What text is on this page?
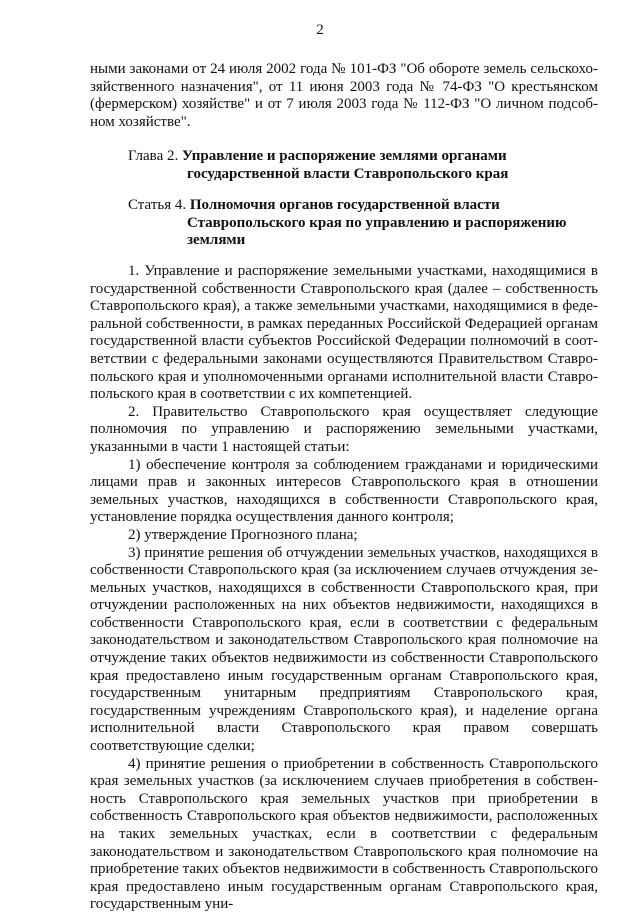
2
ными законами от 24 июля 2002 года № 101-ФЗ "Об обороте земель сельскохозяйственного назначения", от 11 июня 2003 года № 74-ФЗ "О крестьянском (фермерском) хозяйстве" и от 7 июля 2003 года № 112-ФЗ "О личном подсобном хозяйстве".
Глава 2. Управление и распоряжение землями органами
государственной власти Ставропольского края
Статья 4. Полномочия органов государственной власти
Ставропольского края по управлению и распоряжению
землями

1. Управление и распоряжение земельными участками, находящимися в государственной собственности Ставропольского края (далее – собственность Ставропольского края), а также земельными участками, находящимися в федеральной собственности, в рамках переданных Российской Федерацией органам государственной власти субъектов Российской Федерации полномочий в соответствии с федеральными законами осуществляются Правительством Ставропольского края и уполномоченными органами исполнительной власти Ставропольского края в соответствии с их компетенцией.

2. Правительство Ставропольского края осуществляет следующие полномочия по управлению и распоряжению земельными участками, указанными в части 1 настоящей статьи:

1) обеспечение контроля за соблюдением гражданами и юридическими лицами прав и законных интересов Ставропольского края в отношении земельных участков, находящихся в собственности Ставропольского края, установление порядка осуществления данного контроля;

2) утверждение Прогнозного плана;

3) принятие решения об отчуждении земельных участков, находящихся в собственности Ставропольского края (за исключением случаев отчуждения земельных участков, находящихся в собственности Ставропольского края, при отчуждении расположенных на них объектов недвижимости, находящихся в собственности Ставропольского края, если в соответствии с федеральным законодательством и законодательством Ставропольского края полномочие на отчуждение таких объектов недвижимости из собственности Ставропольского края предоставлено иным государственным органам Ставропольского края, государственным унитарным предприятиям Ставропольского края, государственным учреждениям Ставропольского края), и наделение органа исполнительной власти Ставропольского края правом совершать соответствующие сделки;

4) принятие решения о приобретении в собственность Ставропольского края земельных участков (за исключением случаев приобретения в собственность Ставропольского края земельных участков при приобретении в собственность Ставропольского края объектов недвижимости, расположенных на таких земельных участках, если в соответствии с федеральным законодательством и законодательством Ставропольского края полномочие на приобретение таких объектов недвижимости в собственность Ставропольского края предоставлено иным государственным органам Ставропольского края, государственным уни-
